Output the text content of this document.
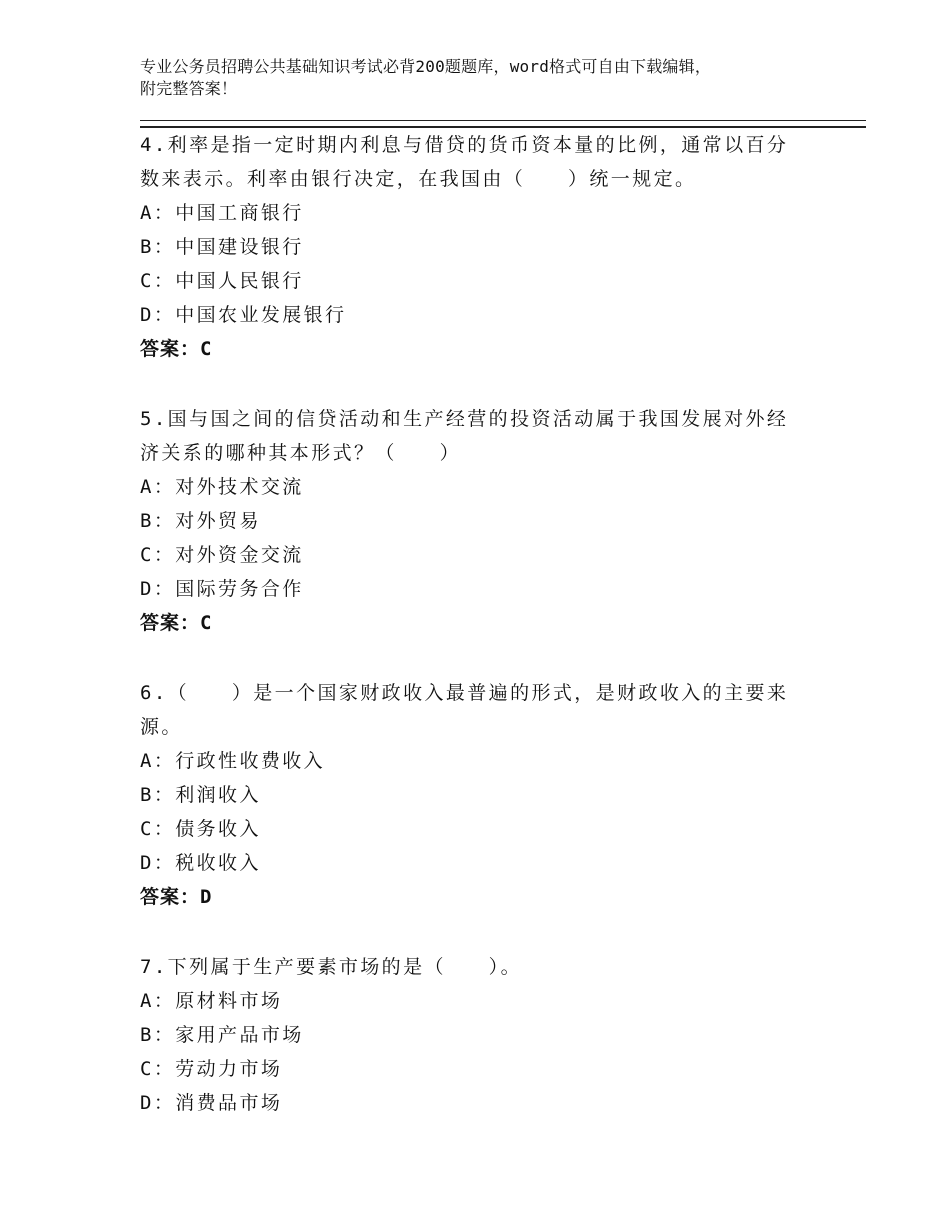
专业公务员招聘公共基础知识考试必背200题题库，word格式可自由下载编辑，
附完整答案！
4.利率是指一定时期内利息与借贷的货币资本量的比例，通常以百分
数来表示。利率由银行决定，在我国由（　　）统一规定。
A：中国工商银行
B：中国建设银行
C：中国人民银行
D：中国农业发展银行
答案：C
5.国与国之间的信贷活动和生产经营的投资活动属于我国发展对外经
济关系的哪种其本形式？（　　）
A：对外技术交流
B：对外贸易
C：对外资金交流
D：国际劳务合作
答案：C
6.（　　）是一个国家财政收入最普遍的形式，是财政收入的主要来
源。
A：行政性收费收入
B：利润收入
C：债务收入
D：税收收入
答案：D
7.下列属于生产要素市场的是（　　）。
A：原材料市场
B：家用产品市场
C：劳动力市场
D：消费品市场
